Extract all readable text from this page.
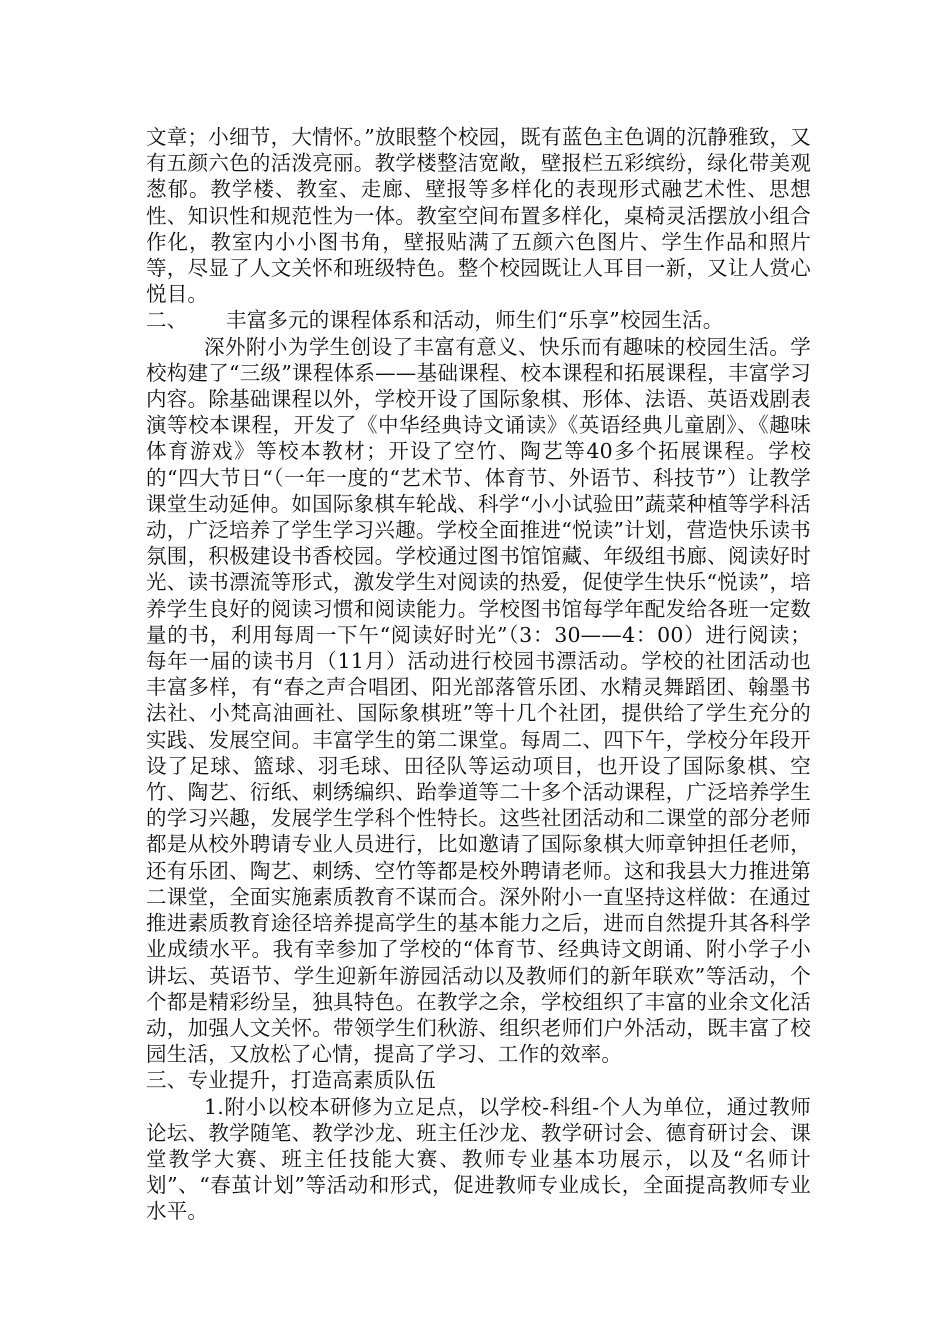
文章；小细节，大情怀。”放眼整个校园，既有蓝色主色调的沉静雅致，又有五颜六色的活泼亮丽。教学楼整洁宽敞，壁报栏五彩缤纷，绿化带美观葱郁。教学楼、教室、走廊、壁报等多样化的表现形式融艺术性、思想性、知识性和规范性为一体。教室空间布置多样化，桌椅灵活摆放小组合作化，教室内小小图书角，壁报贴满了五颜六色图片、学生作品和照片等，尽显了人文关怀和班级特色。整个校园既让人耳目一新，又让人赏心悦目。

二、 丰富多元的课程体系和活动，师生们“乐享”校园生活。

深外附小为学生创设了丰富有意义、快乐而有趣味的校园生活。学校构建了“三级”课程体系——基础课程、校本课程和拓展课程，丰富学习内容。除基础课程以外，学校开设了国际象棋、形体、法语、英语戏剧表演等校本课程，开发了《中华经典诗文诵读》《英语经典儿童剧》、《趣味体育游戏》等校本教材；开设了空竹、陶艺等40多个拓展课程。学校的“四大节日“（一年一度的“艺术节、体育节、外语节、科技节”）让教学课堂生动延伸。如国际象棋车轮战、科学“小小试验田”蔬菜种植等学科活动，广泛培养了学生学习兴趣。学校全面推进“悦读”计划，营造快乐读书氛围，积极建设书香校园。学校通过图书馆馆藏、年级组书廊、阅读好时光、读书漂流等形式，激发学生对阅读的热爱，促使学生快乐“悦读”，培养学生良好的阅读习惯和阅读能力。学校图书馆每学年配发给各班一定数量的书，利用每周一下午“阅读好时光”（3：30——4：00）进行阅读；每年一届的读书月（11月）活动进行校园书漂活动。学校的社团活动也丰富多样，有“春之声合唱团、阳光部落管乐团、水精灵舞蹈团、翰墨书法社、小梵高油画社、国际象棋班”等十几个社团，提供给了学生充分的实践、发展空间。丰富学生的第二课堂。每周二、四下午，学校分年段开设了足球、篮球、羽毛球、田径队等运动项目，也开设了国际象棋、空竹、陶艺、衍纸、刺绣编织、跆拳道等二十多个活动课程，广泛培养学生的学习兴趣，发展学生学科个性特长。这些社团活动和二课堂的部分老师都是从校外聘请专业人员进行，比如邀请了国际象棋大师章钟担任老师，还有乐团、陶艺、刺绣、空竹等都是校外聘请老师。这和我县大力推进第二课堂，全面实施素质教育不谋而合。深外附小一直坚持这样做：在通过推进素质教育途径培养提高学生的基本能力之后，进而自然提升其各科学业成绩水平。我有幸参加了学校的“体育节、经典诗文朗诵、附小学子小讲坛、英语节、学生迎新年游园活动以及教师们的新年联欢”等活动，个个都是精彩纷呈，独具特色。在教学之余，学校组织了丰富的业余文化活动，加强人文关怀。带领学生们秋游、组织老师们户外活动，既丰富了校园生活，又放松了心情，提高了学习、工作的效率。

三、专业提升，打造高素质队伍

1.附小以校本研修为立足点，以学校-科组-个人为单位，通过教师论坛、教学随笔、教学沙龙、班主任沙龙、教学研讨会、德育研讨会、课堂教学大赛、班主任技能大赛、教师专业基本功展示，以及“名师计划”、“春茧计划”等活动和形式，促进教师专业成长，全面提高教师专业水平。
